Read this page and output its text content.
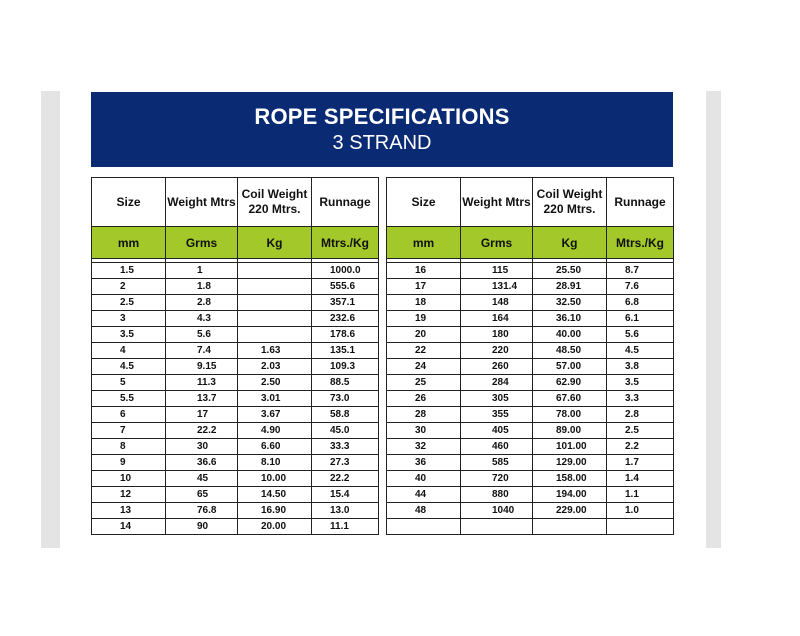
ROPE SPECIFICATIONS
3 STRAND
Size	Weight Mtrs	Coil Weight 220 Mtrs.	Runnage
mm	Grms	Kg	Mtrs./Kg

1.5	1		1000.0
2	1.8		555.6
2.5	2.8		357.1
3	4.3		232.6
3.5	5.6		178.6
4	7.4	1.63	135.1
4.5	9.15	2.03	109.3
5	11.3	2.50	88.5
5.5	13.7	3.01	73.0
6	17	3.67	58.8
7	22.2	4.90	45.0
8	30	6.60	33.3
9	36.6	8.10	27.3
10	45	10.00	22.2
12	65	14.50	15.4
13	76.8	16.90	13.0
14	90	20.00	11.1
Size	Weight Mtrs	Coil Weight 220 Mtrs.	Runnage
mm	Grms	Kg	Mtrs./Kg

16	115	25.50	8.7
17	131.4	28.91	7.6
18	148	32.50	6.8
19	164	36.10	6.1
20	180	40.00	5.6
22	220	48.50	4.5
24	260	57.00	3.8
25	284	62.90	3.5
26	305	67.60	3.3
28	355	78.00	2.8
30	405	89.00	2.5
32	460	101.00	2.2
36	585	129.00	1.7
40	720	158.00	1.4
44	880	194.00	1.1
48	1040	229.00	1.0
